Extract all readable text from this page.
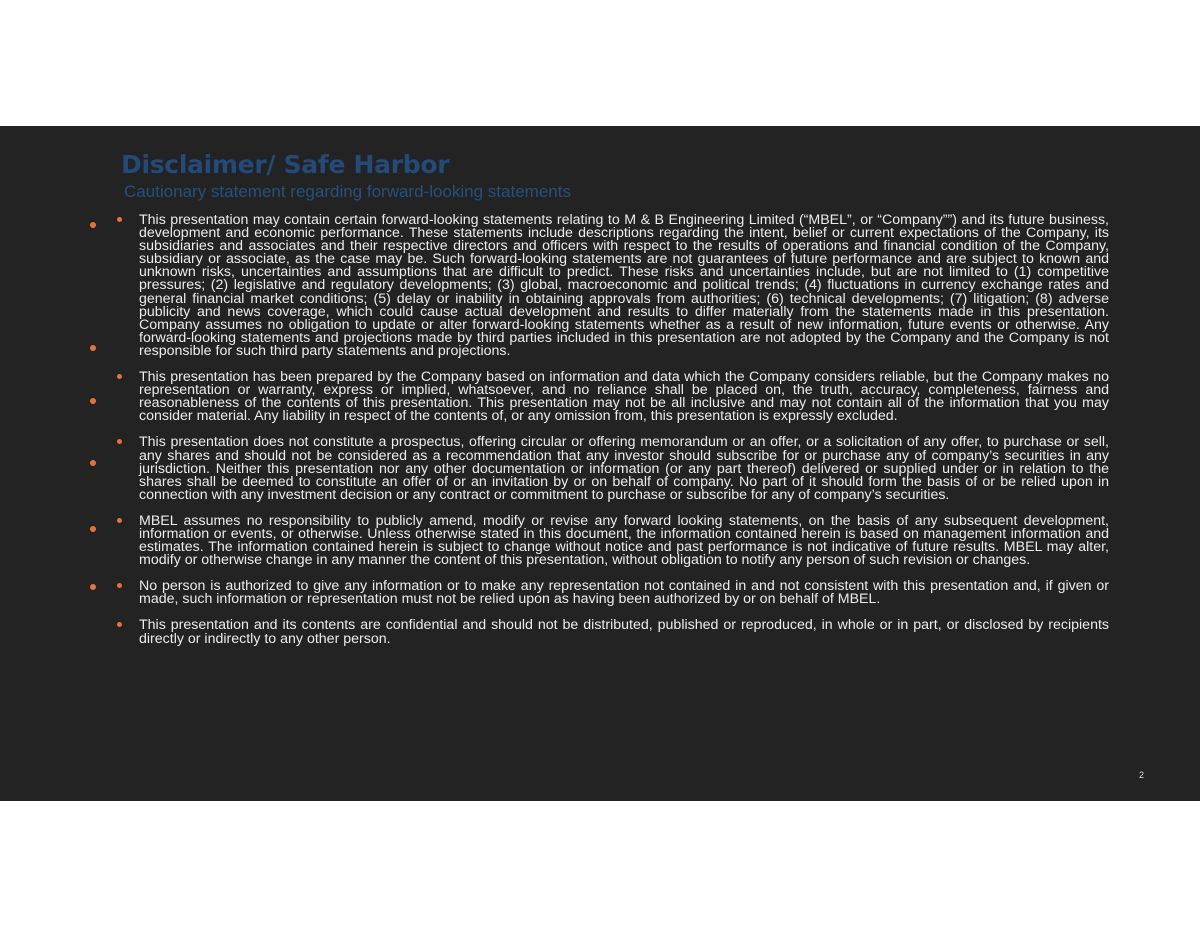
Disclaimer/ Safe Harbor
Cautionary statement regarding forward-looking statements
This presentation may contain certain forward-looking statements relating to M & B Engineering Limited (“MBEL”, or “Company””) and its future business, development and economic performance. These statements include descriptions regarding the intent, belief or current expectations of the Company, its subsidiaries and associates and their respective directors and officers with respect to the results of operations and financial condition of the Company, subsidiary or associate, as the case may be. Such forward-looking statements are not guarantees of future performance and are subject to known and unknown risks, uncertainties and assumptions that are difficult to predict. These risks and uncertainties include, but are not limited to (1) competitive pressures; (2) legislative and regulatory developments; (3) global, macroeconomic and political trends; (4) fluctuations in currency exchange rates and general financial market conditions; (5) delay or inability in obtaining approvals from authorities; (6) technical developments; (7) litigation; (8) adverse publicity and news coverage, which could cause actual development and results to differ materially from the statements made in this presentation. Company assumes no obligation to update or alter forward-looking statements whether as a result of new information, future events or otherwise. Any forward-looking statements and projections made by third parties included in this presentation are not adopted by the Company and the Company is not responsible for such third party statements and projections.
This presentation has been prepared by the Company based on information and data which the Company considers reliable, but the Company makes no representation or warranty, express or implied, whatsoever, and no reliance shall be placed on, the truth, accuracy, completeness, fairness and reasonableness of the contents of this presentation. This presentation may not be all inclusive and may not contain all of the information that you may consider material. Any liability in respect of the contents of, or any omission from, this presentation is expressly excluded.
This presentation does not constitute a prospectus, offering circular or offering memorandum or an offer, or a solicitation of any offer, to purchase or sell, any shares and should not be considered as a recommendation that any investor should subscribe for or purchase any of company’s securities in any jurisdiction. Neither this presentation nor any other documentation or information (or any part thereof) delivered or supplied under or in relation to the shares shall be deemed to constitute an offer of or an invitation by or on behalf of company. No part of it should form the basis of or be relied upon in connection with any investment decision or any contract or commitment to purchase or subscribe for any of company’s securities.
MBEL assumes no responsibility to publicly amend, modify or revise any forward looking statements, on the basis of any subsequent development, information or events, or otherwise. Unless otherwise stated in this document, the information contained herein is based on management information and estimates. The information contained herein is subject to change without notice and past performance is not indicative of future results. MBEL may alter, modify or otherwise change in any manner the content of this presentation, without obligation to notify any person of such revision or changes.
No person is authorized to give any information or to make any representation not contained in and not consistent with this presentation and, if given or made, such information or representation must not be relied upon as having been authorized by or on behalf of MBEL.
This presentation and its contents are confidential and should not be distributed, published or reproduced, in whole or in part, or disclosed by recipients directly or indirectly to any other person.
2
